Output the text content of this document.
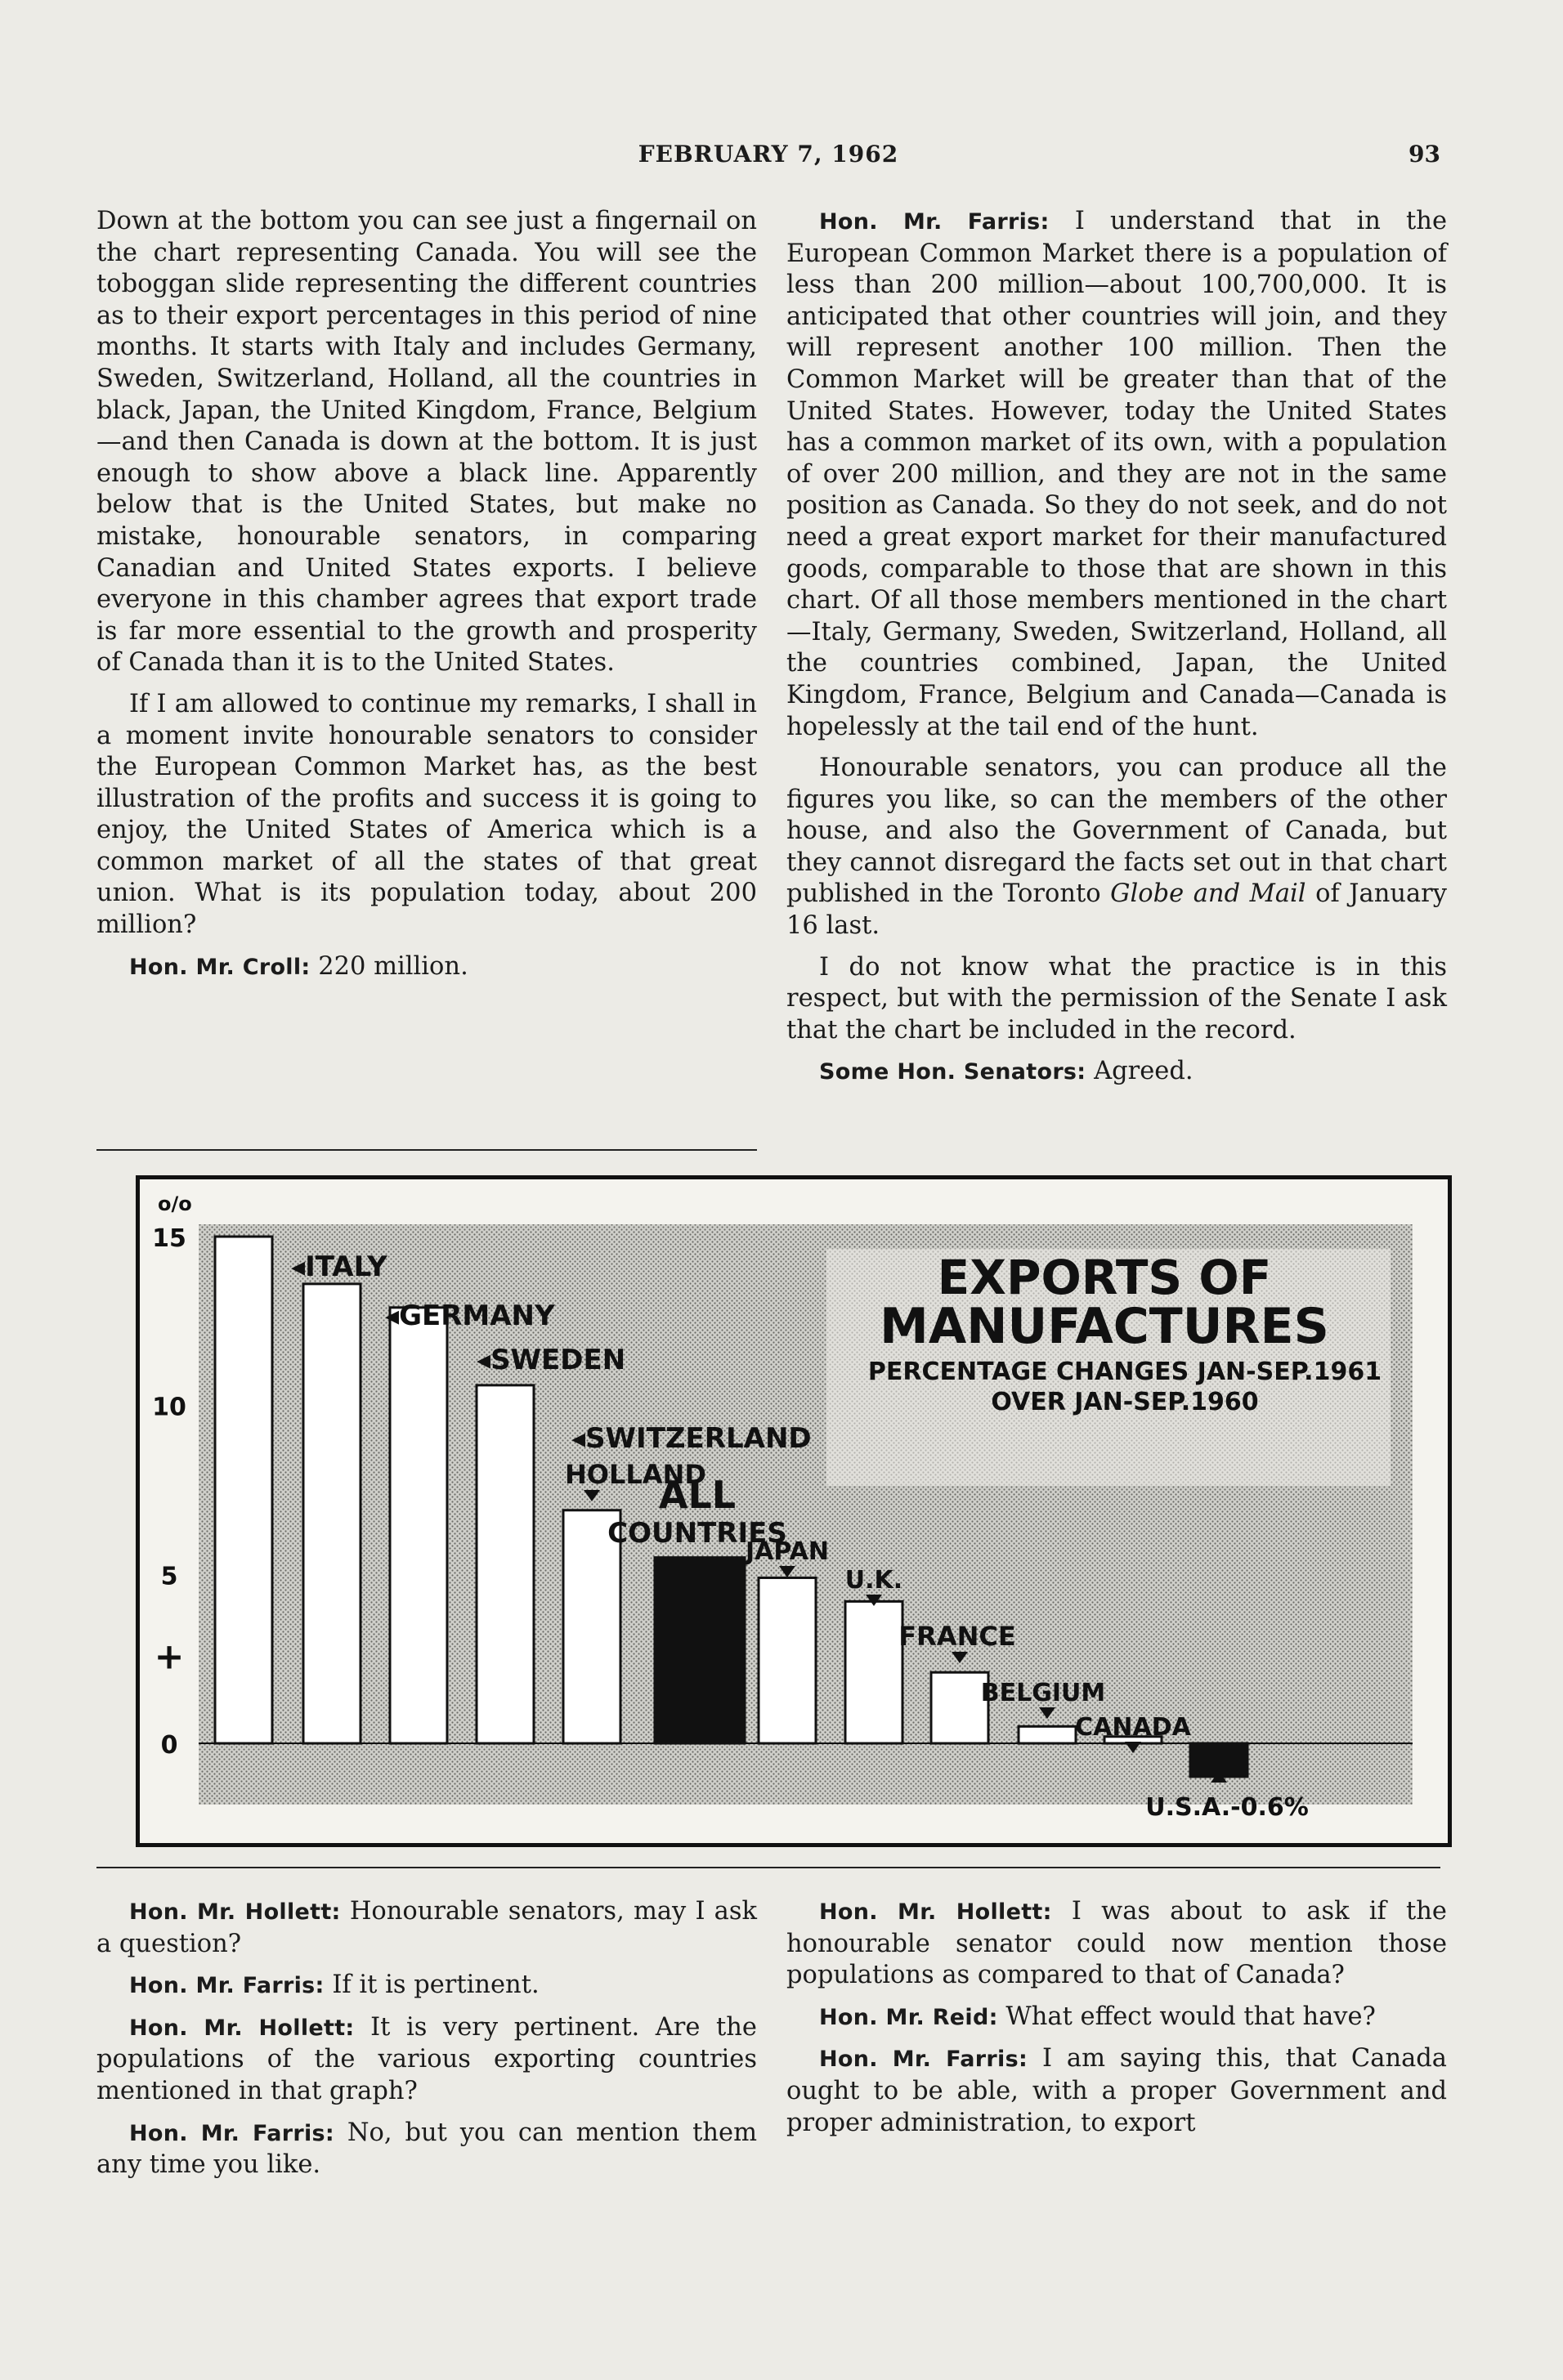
FEBRUARY 7, 1962	93

Down at the bottom you can see just a fingernail on the chart representing Canada. You will see the toboggan slide representing the different countries as to their export percentages in this period of nine months. It starts with Italy and includes Germany, Sweden, Switzerland, Holland, all the countries in black, Japan, the United Kingdom, France, Belgium—and then Canada is down at the bottom. It is just enough to show above a black line. Apparently below that is the United States, but make no mistake, honourable senators, in comparing Canadian and United States exports. I believe everyone in this chamber agrees that export trade is far more essential to the growth and prosperity of Canada than it is to the United States.

If I am allowed to continue my remarks, I shall in a moment invite honourable senators to consider the European Common Market has, as the best illustration of the profits and success it is going to enjoy, the United States of America which is a common market of all the states of that great union. What is its population today, about 200 million?

Hon. Mr. Croll: 220 million.

Hon. Mr. Farris: I understand that in the European Common Market there is a population of less than 200 million—about 100,700,000. It is anticipated that other countries will join, and they will represent another 100 million. Then the Common Market will be greater than that of the United States. However, today the United States has a common market of its own, with a population of over 200 million, and they are not in the same position as Canada. So they do not seek, and do not need a great export market for their manufactured goods, comparable to those that are shown in this chart. Of all those members mentioned in the chart—Italy, Germany, Sweden, Switzerland, Holland, all the countries combined, Japan, the United Kingdom, France, Belgium and Canada—Canada is hopelessly at the tail end of the hunt.

Honourable senators, you can produce all the figures you like, so can the members of the other house, and also the Government of Canada, but they cannot disregard the facts set out in that chart published in the Toronto Globe and Mail of January 16 last.

I do not know what the practice is in this respect, but with the permission of the Senate I ask that the chart be included in the record.

Some Hon. Senators: Agreed.

o/o
15
10
5
+
0
◂ITALY
◂GERMANY
◂SWEDEN
◂SWITZERLAND
HOLLAND
ALL
COUNTRIES
JAPAN
U.K.
FRANCE
BELGIUM
CANADA
U.S.A.-0.6%
EXPORTS OF
MANUFACTURES
PERCENTAGE CHANGES JAN-SEP.1961
OVER JAN-SEP.1960

Hon. Mr. Hollett: Honourable senators, may I ask a question?

Hon. Mr. Farris: If it is pertinent.

Hon. Mr. Hollett: It is very pertinent. Are the populations of the various exporting countries mentioned in that graph?

Hon. Mr. Farris: No, but you can mention them any time you like.

Hon. Mr. Hollett: I was about to ask if the honourable senator could now mention those populations as compared to that of Canada?

Hon. Mr. Reid: What effect would that have?

Hon. Mr. Farris: I am saying this, that Canada ought to be able, with a proper Government and proper administration, to export
